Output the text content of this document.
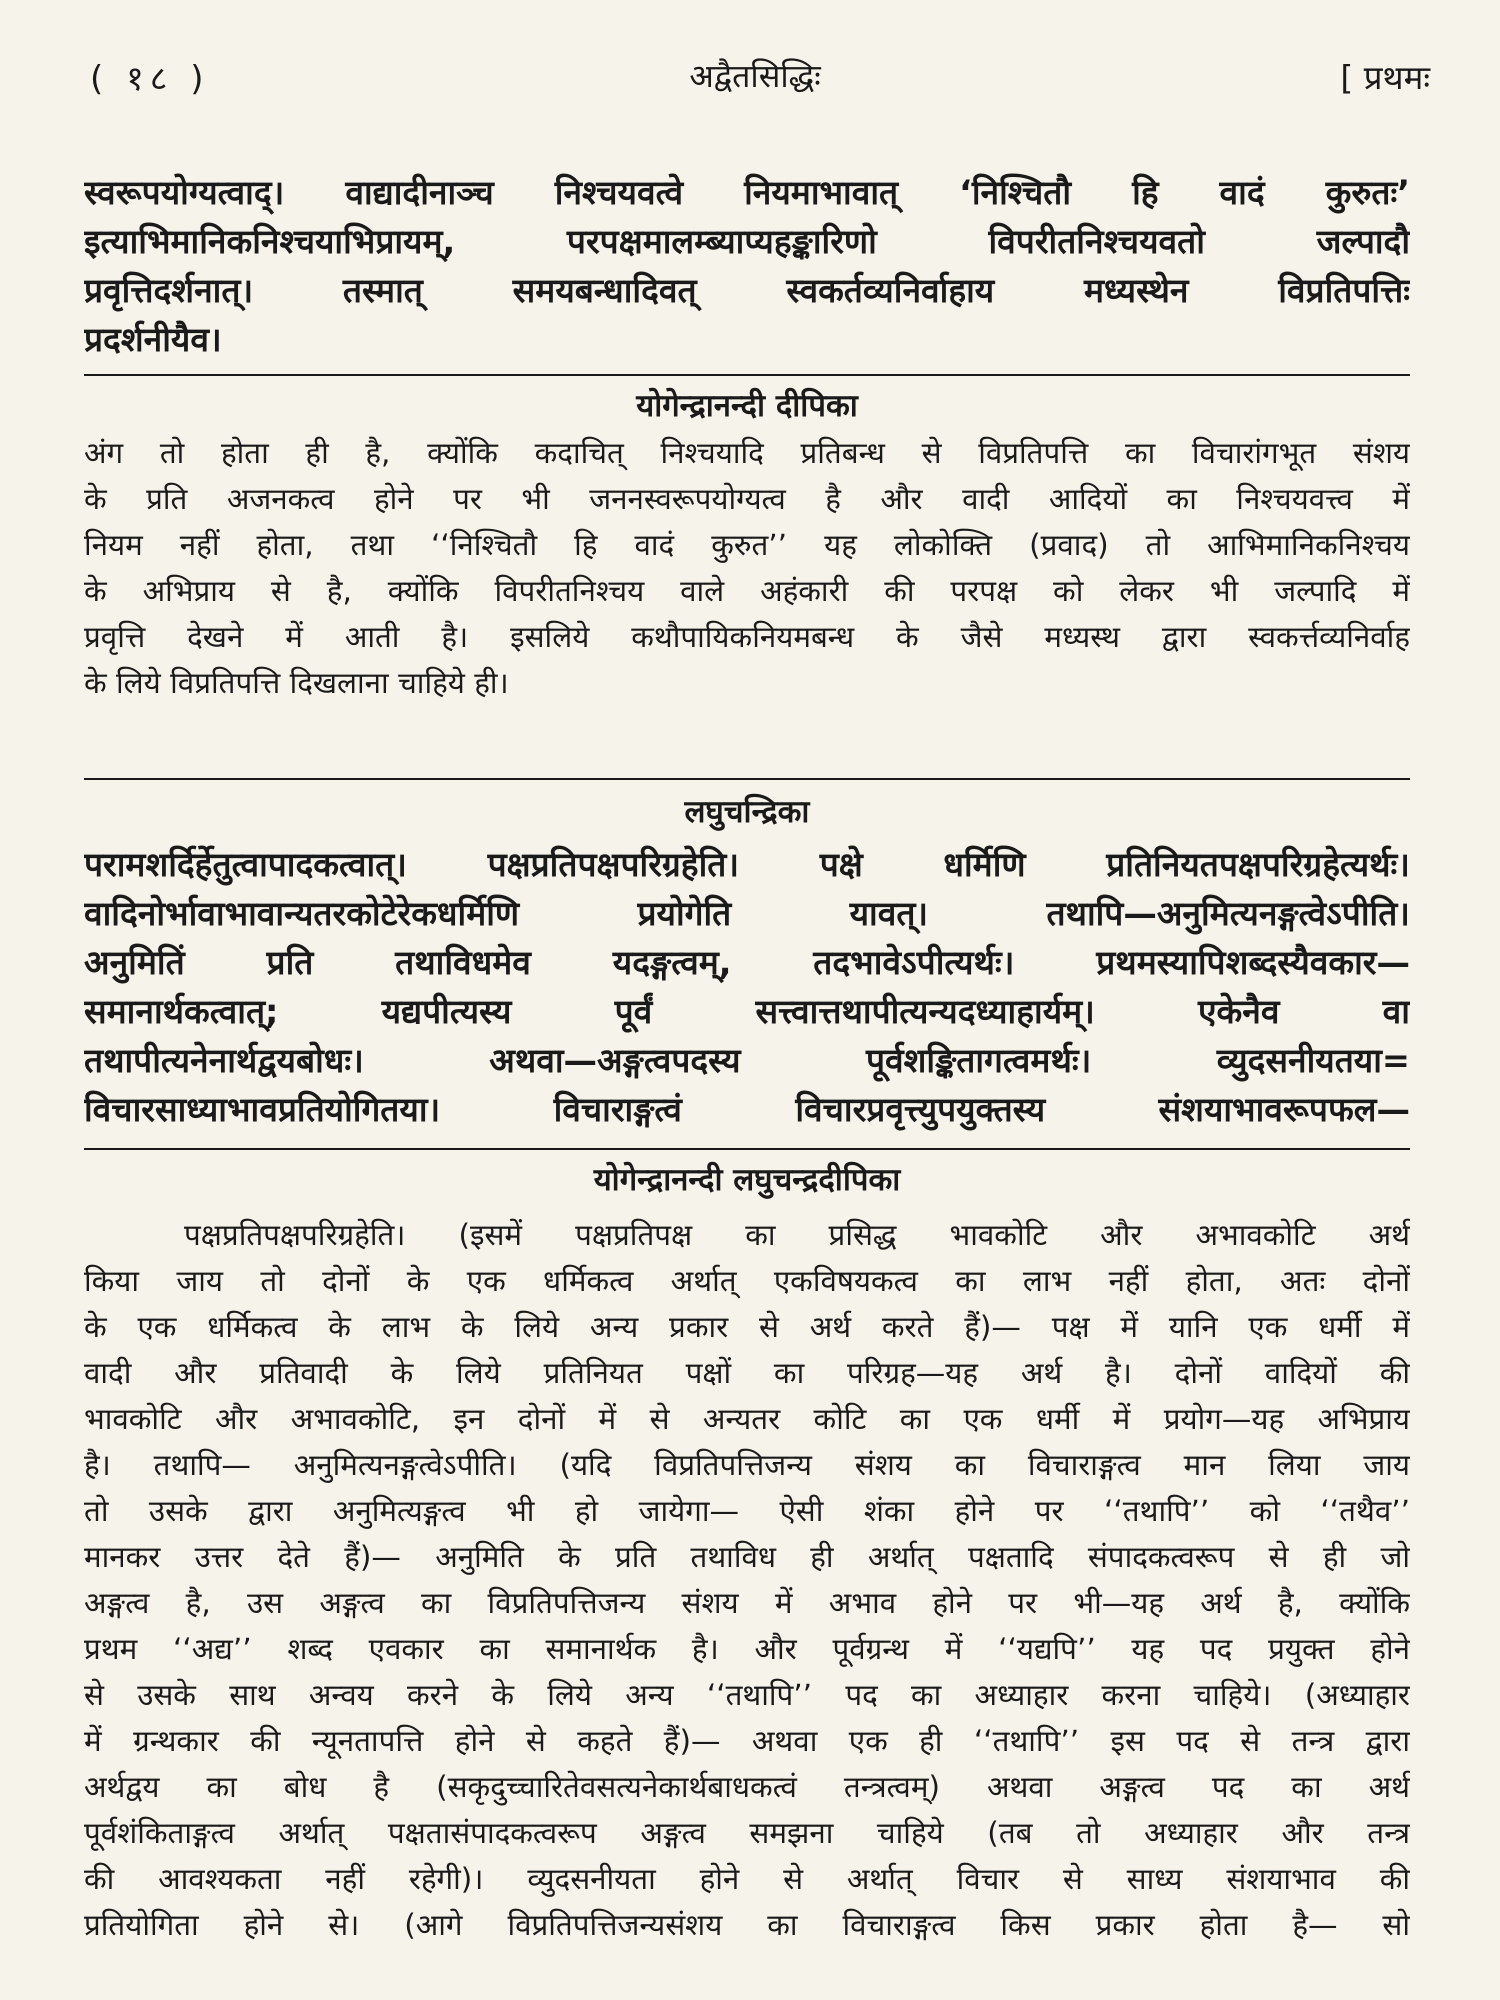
( १८ )	अद्वैतसिद्धिः	[ प्रथमः
स्वरूपयोग्यत्वाद्। वाद्यादीनाञ्च निश्चयवत्वे नियमाभावात् ‘निश्चितौ हि वादं कुरुतः’
इत्याभिमानिकनिश्चयाभिप्रायम्, परपक्षमालम्ब्याप्यहङ्कारिणो विपरीतनिश्चयवतो जल्पादौ
प्रवृत्तिदर्शनात्। तस्मात् समयबन्धादिवत् स्वकर्तव्यनिर्वाहाय मध्यस्थेन विप्रतिपत्तिः
प्रदर्शनीयैव।
योगेन्द्रानन्दी दीपिका
अंग तो होता ही है, क्योंकि कदाचित् निश्चयादि प्रतिबन्ध से विप्रतिपत्ति का विचारांगभूत संशय
के प्रति अजनकत्व होने पर भी जननस्वरूपयोग्यत्व है और वादी आदियों का निश्चयवत्त्व में
नियम नहीं होता, तथा ‘‘निश्चितौ हि वादं कुरुत’’ यह लोकोक्ति (प्रवाद) तो आभिमानिकनिश्चय
के अभिप्राय से है, क्योंकि विपरीतनिश्चय वाले अहंकारी की परपक्ष को लेकर भी जल्पादि में
प्रवृत्ति देखने में आती है। इसलिये कथौपायिकनियमबन्ध के जैसे मध्यस्थ द्वारा स्वकर्त्तव्यनिर्वाह
के लिये विप्रतिपत्ति दिखलाना चाहिये ही।
लघुचन्द्रिका
परामशर्दिर्हेतुत्वापादकत्वात्। पक्षप्रतिपक्षपरिग्रहेति। पक्षे धर्मिणि प्रतिनियतपक्षपरिग्रहेत्यर्थः।
वादिनोर्भावाभावान्यतरकोटेरेकधर्मिणि प्रयोगेति यावत्। तथापि—अनुमित्यनङ्गत्वेऽपीति।
अनुमितिं प्रति तथाविधमेव यदङ्गत्वम्, तदभावेऽपीत्यर्थः। प्रथमस्यापिशब्दस्यैवकार—
समानार्थकत्वात्; यद्यपीत्यस्य पूर्वं सत्त्वात्तथापीत्यन्यदध्याहार्यम्। एकेनैव वा
तथापीत्यनेनार्थद्वयबोधः। अथवा—अङ्गत्वपदस्य पूर्वशङ्कितागत्वमर्थः। व्युदसनीयतया=
विचारसाध्याभावप्रतियोगितया। विचाराङ्गत्वं विचारप्रवृत्त्युपयुक्तस्य संशयाभावरूपफल—
योगेन्द्रानन्दी लघुचन्द्रदीपिका
पक्षप्रतिपक्षपरिग्रहेति। (इसमें पक्षप्रतिपक्ष का प्रसिद्ध भावकोटि और अभावकोटि अर्थ
किया जाय तो दोनों के एक धर्मिकत्व अर्थात् एकविषयकत्व का लाभ नहीं होता, अतः दोनों
के एक धर्मिकत्व के लाभ के लिये अन्य प्रकार से अर्थ करते हैं)— पक्ष में यानि एक धर्मी में
वादी और प्रतिवादी के लिये प्रतिनियत पक्षों का परिग्रह—यह अर्थ है। दोनों वादियों की
भावकोटि और अभावकोटि, इन दोनों में से अन्यतर कोटि का एक धर्मी में प्रयोग—यह अभिप्राय
है। तथापि— अनुमित्यनङ्गत्वेऽपीति। (यदि विप्रतिपत्तिजन्य संशय का विचाराङ्गत्व मान लिया जाय
तो उसके द्वारा अनुमित्यङ्गत्व भी हो जायेगा— ऐसी शंका होने पर ‘‘तथापि’’ को ‘‘तथैव’’
मानकर उत्तर देते हैं)— अनुमिति के प्रति तथाविध ही अर्थात् पक्षतादि संपादकत्वरूप से ही जो
अङ्गत्व है, उस अङ्गत्व का विप्रतिपत्तिजन्य संशय में अभाव होने पर भी—यह अर्थ है, क्योंकि
प्रथम ‘‘अद्य’’ शब्द एवकार का समानार्थक है। और पूर्वग्रन्थ में ‘‘यद्यपि’’ यह पद प्रयुक्त होने
से उसके साथ अन्वय करने के लिये अन्य ‘‘तथापि’’ पद का अध्याहार करना चाहिये। (अध्याहार
में ग्रन्थकार की न्यूनतापत्ति होने से कहते हैं)— अथवा एक ही ‘‘तथापि’’ इस पद से तन्त्र द्वारा
अर्थद्वय का बोध है (सकृदुच्चारितेवसत्यनेकार्थबाधकत्वं तन्त्रत्वम्) अथवा अङ्गत्व पद का अर्थ
पूर्वशंकिताङ्गत्व अर्थात् पक्षतासंपादकत्वरूप अङ्गत्व समझना चाहिये (तब तो अध्याहार और तन्त्र
की आवश्यकता नहीं रहेगी)। व्युदसनीयता होने से अर्थात् विचार से साध्य संशयाभाव की
प्रतियोगिता होने से। (आगे विप्रतिपत्तिजन्यसंशय का विचाराङ्गत्व किस प्रकार होता है— सो
